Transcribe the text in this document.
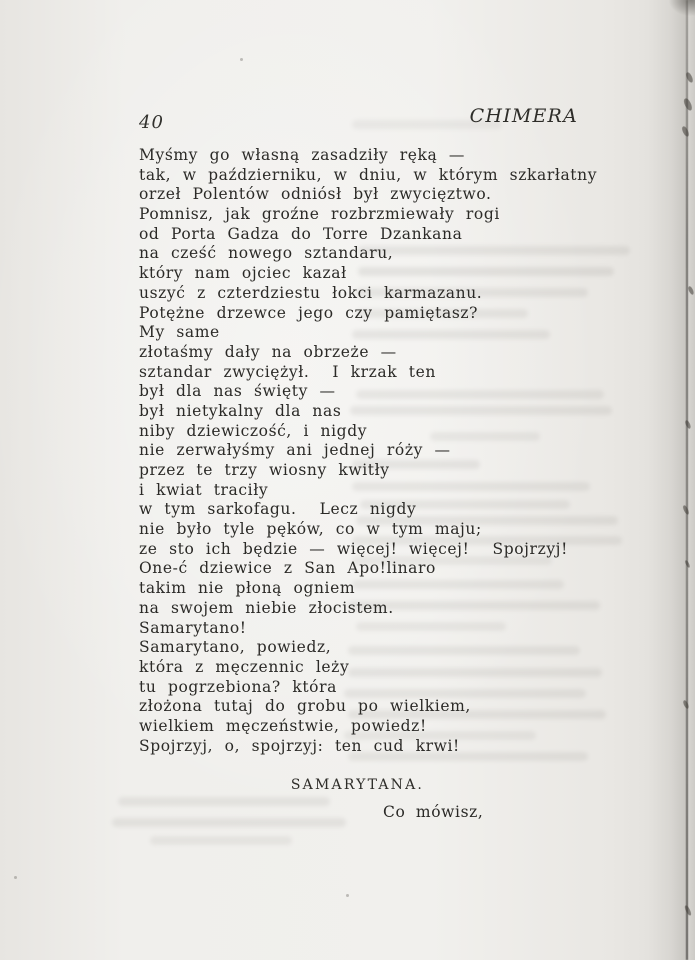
40	CHIMERA
Myśmy go własną zasadziły ręką —
tak, w październiku, w dniu, w którym szkarłatny
orzeł Polentów odniósł był zwycięztwo.
Pomnisz, jak groźne rozbrzmiewały rogi
od Porta Gadza do Torre Dzankana
na cześć nowego sztandaru,
który nam ojciec kazał
uszyć z czterdziestu łokci karmazanu.
Potężne drzewce jego czy pamiętasz?
My same
złotaśmy dały na obrzeże —
sztandar zwyciężył.  I krzak ten
był dla nas święty —
był nietykalny dla nas
niby dziewiczość, i nigdy
nie zerwałyśmy ani jednej róży —
przez te trzy wiosny kwitły
i kwiat traciły
w tym sarkofagu.  Lecz nigdy
nie było tyle pęków, co w tym maju;
ze sto ich będzie — więcej! więcej!  Spojrzyj!
One-ć dziewice z San Apo!linaro
takim nie płoną ogniem
na swojem niebie złocistem.
Samarytano!
Samarytano, powiedz,
która z męczennic leży
tu pogrzebiona? która
złożona tutaj do grobu po wielkiem,
wielkiem męczeństwie, powiedz!
Spojrzyj, o, spojrzyj: ten cud krwi!
SAMARYTANA.
Co mówisz,
